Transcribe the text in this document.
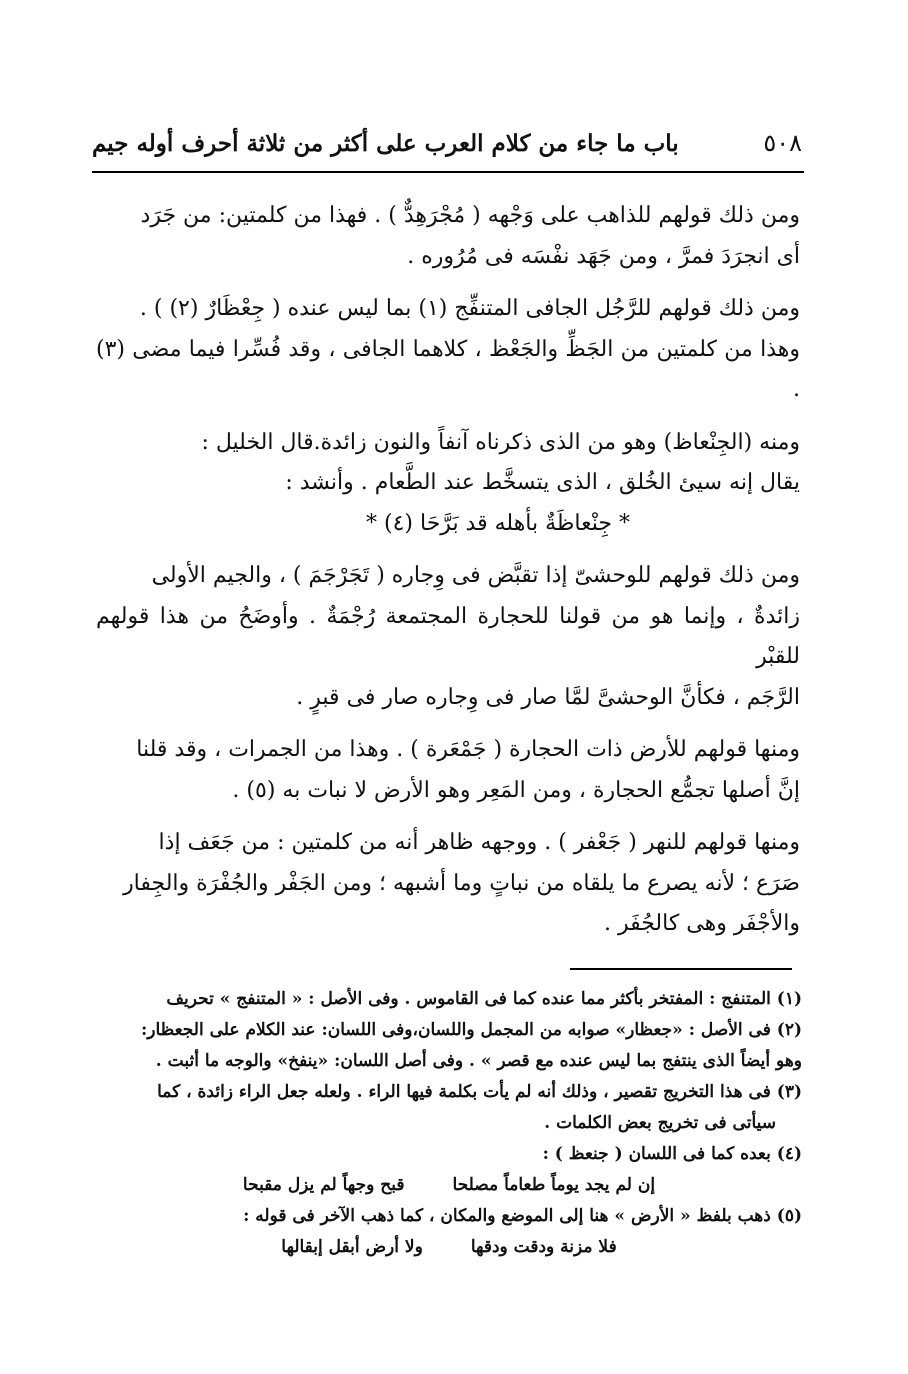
٥٠٨
باب ما جاء من كلام العرب على أكثر من ثلاثة أحرف أوله جيم

ومن ذلك قولهم للذاهب على وَجْهه ( مُجْرَهِدٌّ ) . فهذا من كلمتين: من جَرَد

أى انجرَدَ فمرَّ ، ومن جَهَد نفْسَه فى مُرُوره .

ومن ذلك قولهم للرَّجُل الجافى المتنفِّج (١) بما ليس عنده ( جِعْظَارٌ (٢) ) .

وهذا من كلمتين من الجَظِّ والجَعْظ ، كلاهما الجافى ، وقد فُسِّرا فيما مضى (٣) .

ومنه (الجِنْعاظ) وهو من الذى ذكرناه آنفاً والنون زائدة.قال الخليل :

يقال إنه سيئ الخُلق ، الذى يتسخَّط عند الطَّعام . وأنشد :

* جِنْعاظَةٌ بأهله قد بَرَّحَا (٤) *

ومن ذلك قولهم للوحشىّ إذا تقبَّض فى وِجاره ( تَجَرْجَمَ ) ، والجيم الأولى

زائدةٌ ، وإنما هو من قولنا للحجارة المجتمعة رُجْمَةٌ . وأوضَحُ من هذا قولهم للقبْر

الرَّجَم ، فكأنَّ الوحشىَّ لمَّا صار فى وِجاره صار فى قبرٍ .

ومنها قولهم للأرض ذات الحجارة ( جَمْعَرة ) . وهذا من الجمرات ، وقد قلنا

إنَّ أصلها تجمُّع الحجارة ، ومن المَعِر وهو الأرض لا نبات به (٥) .

ومنها قولهم للنهر ( جَعْفر ) . ووجهه ظاهر أنه من كلمتين : من جَعَف إذا

صَرَع ؛ لأنه يصرع ما يلقاه من نباتٍ وما أشبهه ؛ ومن الجَفْر والجُفْرَة والجِفار

والأجْفَر وهى كالجُفَر .

(١) المتنفج : المفتخر بأكثر مما عنده كما فى القاموس . وفى الأصل : « المتنفج » تحريف

(٢) فى الأصل : «جعظار» صوابه من المجمل واللسان،وفى اللسان: عند الكلام على الجعظار:

وهو أيضاً الذى ينتفج بما ليس عنده مع قصر » . وفى أصل اللسان: «ينفخ» والوجه ما أثبت .

(٣) فى هذا التخريج تقصير ، وذلك أنه لم يأت بكلمة فيها الراء . ولعله جعل الراء زائدة ، كما

سيأتى فى تخريج بعض الكلمات .

(٤) بعده كما فى اللسان ( جنعظ ) :

إن لم يجد يوماً طعاماً مصلحا
قبح وجهاً لم يزل مقبحا

(٥) ذهب بلفظ « الأرض » هنا إلى الموضع والمكان ، كما ذهب الآخر فى قوله :

فلا مزنة ودقت ودقها
ولا أرض أبقل إبقالها
